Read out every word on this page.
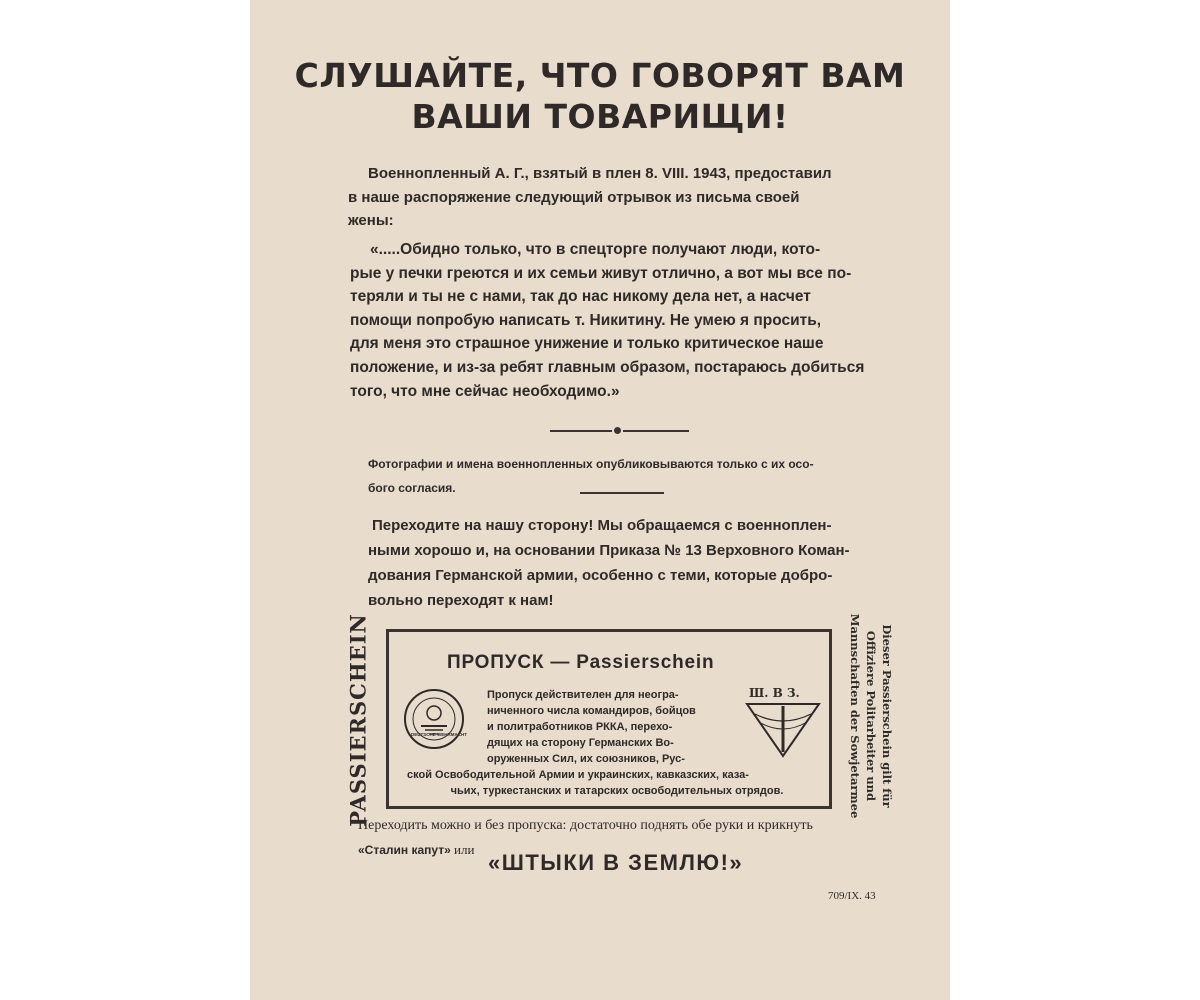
СЛУШАЙТЕ, ЧТО ГОВОРЯТ ВАМ
ВАШИ ТОВАРИЩИ!
Военнопленный А. Г., взятый в плен 8. VIII. 1943, предоставил
в наше распоряжение следующий отрывок из письма своей
жены:
«.....Обидно только, что в спецторге получают люди, кото-
рые у печки греются и их семьи живут отлично, а вот мы все по-
теряли и ты не с нами, так до нас никому дела нет, а насчет
помощи попробую написать т. Никитину. Не умею я просить,
для меня это страшное унижение и только критическое наше
положение, и из-за ребят главным образом, постараюсь добиться
того, что мне сейчас необходимо.»
Фотографии и имена военнопленных опубликовываются только с их осо-
бого согласия.
Переходите на нашу сторону! Мы обращаемся с военноплен-
ными хорошо и, на основании Приказа № 13 Верховного Коман-
дования Германской армии, особенно с теми, которые добро-
вольно переходят к нам!
PASSIERSCHEIN	ПРОПУСК — Passierschein
DEUTSCHE WEHRMACHT
Пропуск действителен для неогра-
ниченного числа командиров, бойцов
и политработников РККА, перехо-
дящих на сторону Германских Во-
оруженных Сил, их союзников, Рус-
ской Освободительной Армии и украинских, кавказских, каза-
чьих, туркестанских и татарских освободительных отрядов.
Ш. В З.	Dieser Passierschein gilt für
Offiziere Politarbeiter und
Mannschaften der Sowjetarmee
Переходить можно и без пропуска: достаточно поднять обе руки и крикнуть
«Сталин капут» или
«ШТЫКИ В ЗЕМЛЮ!»
709/IX. 43
